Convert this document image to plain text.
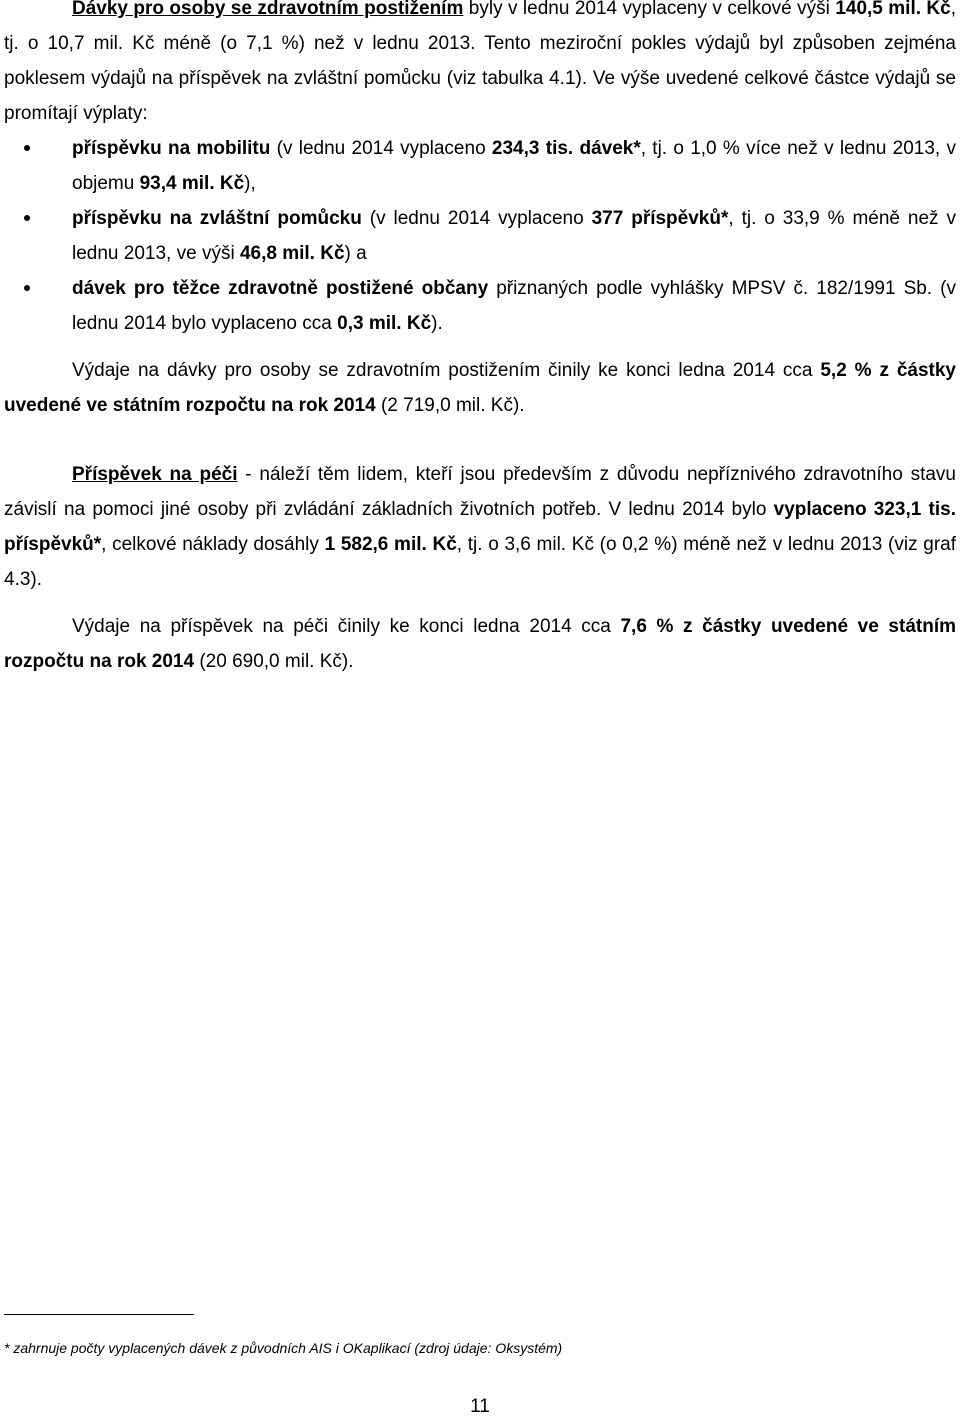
Dávky pro osoby se zdravotním postižením byly v lednu 2014 vyplaceny v celkové výši 140,5 mil. Kč, tj. o 10,7 mil. Kč méně (o 7,1 %) než v lednu 2013. Tento meziroční pokles výdajů byl způsoben zejména poklesem výdajů na příspěvek na zvláštní pomůcku (viz tabulka 4.1). Ve výše uvedené celkové částce výdajů se promítají výplaty:

příspěvku na mobilitu (v lednu 2014 vyplaceno 234,3 tis. dávek*, tj. o 1,0 % více než v lednu 2013, v objemu 93,4 mil. Kč),
příspěvku na zvláštní pomůcku (v lednu 2014 vyplaceno 377 příspěvků*, tj. o 33,9 % méně než v lednu 2013, ve výši 46,8 mil. Kč) a
dávek pro těžce zdravotně postižené občany přiznaných podle vyhlášky MPSV č. 182/1991 Sb. (v lednu 2014 bylo vyplaceno cca 0,3 mil. Kč).

Výdaje na dávky pro osoby se zdravotním postižením činily ke konci ledna 2014 cca 5,2 % z částky uvedené ve státním rozpočtu na rok 2014 (2 719,0 mil. Kč).

Příspěvek na péči - náleží těm lidem, kteří jsou především z důvodu nepříznivého zdravotního stavu závislí na pomoci jiné osoby při zvládání základních životních potřeb. V lednu 2014 bylo vyplaceno 323,1 tis. příspěvků*, celkové náklady dosáhly 1 582,6 mil. Kč, tj. o 3,6 mil. Kč (o 0,2 %) méně než v lednu 2013 (viz graf 4.3).

Výdaje na příspěvek na péči činily ke konci ledna 2014 cca 7,6 % z částky uvedené ve státním rozpočtu na rok 2014 (20 690,0 mil. Kč).

* zahrnuje počty vyplacených dávek z původních AIS i OKaplikací (zdroj údaje: Oksystém)
11
